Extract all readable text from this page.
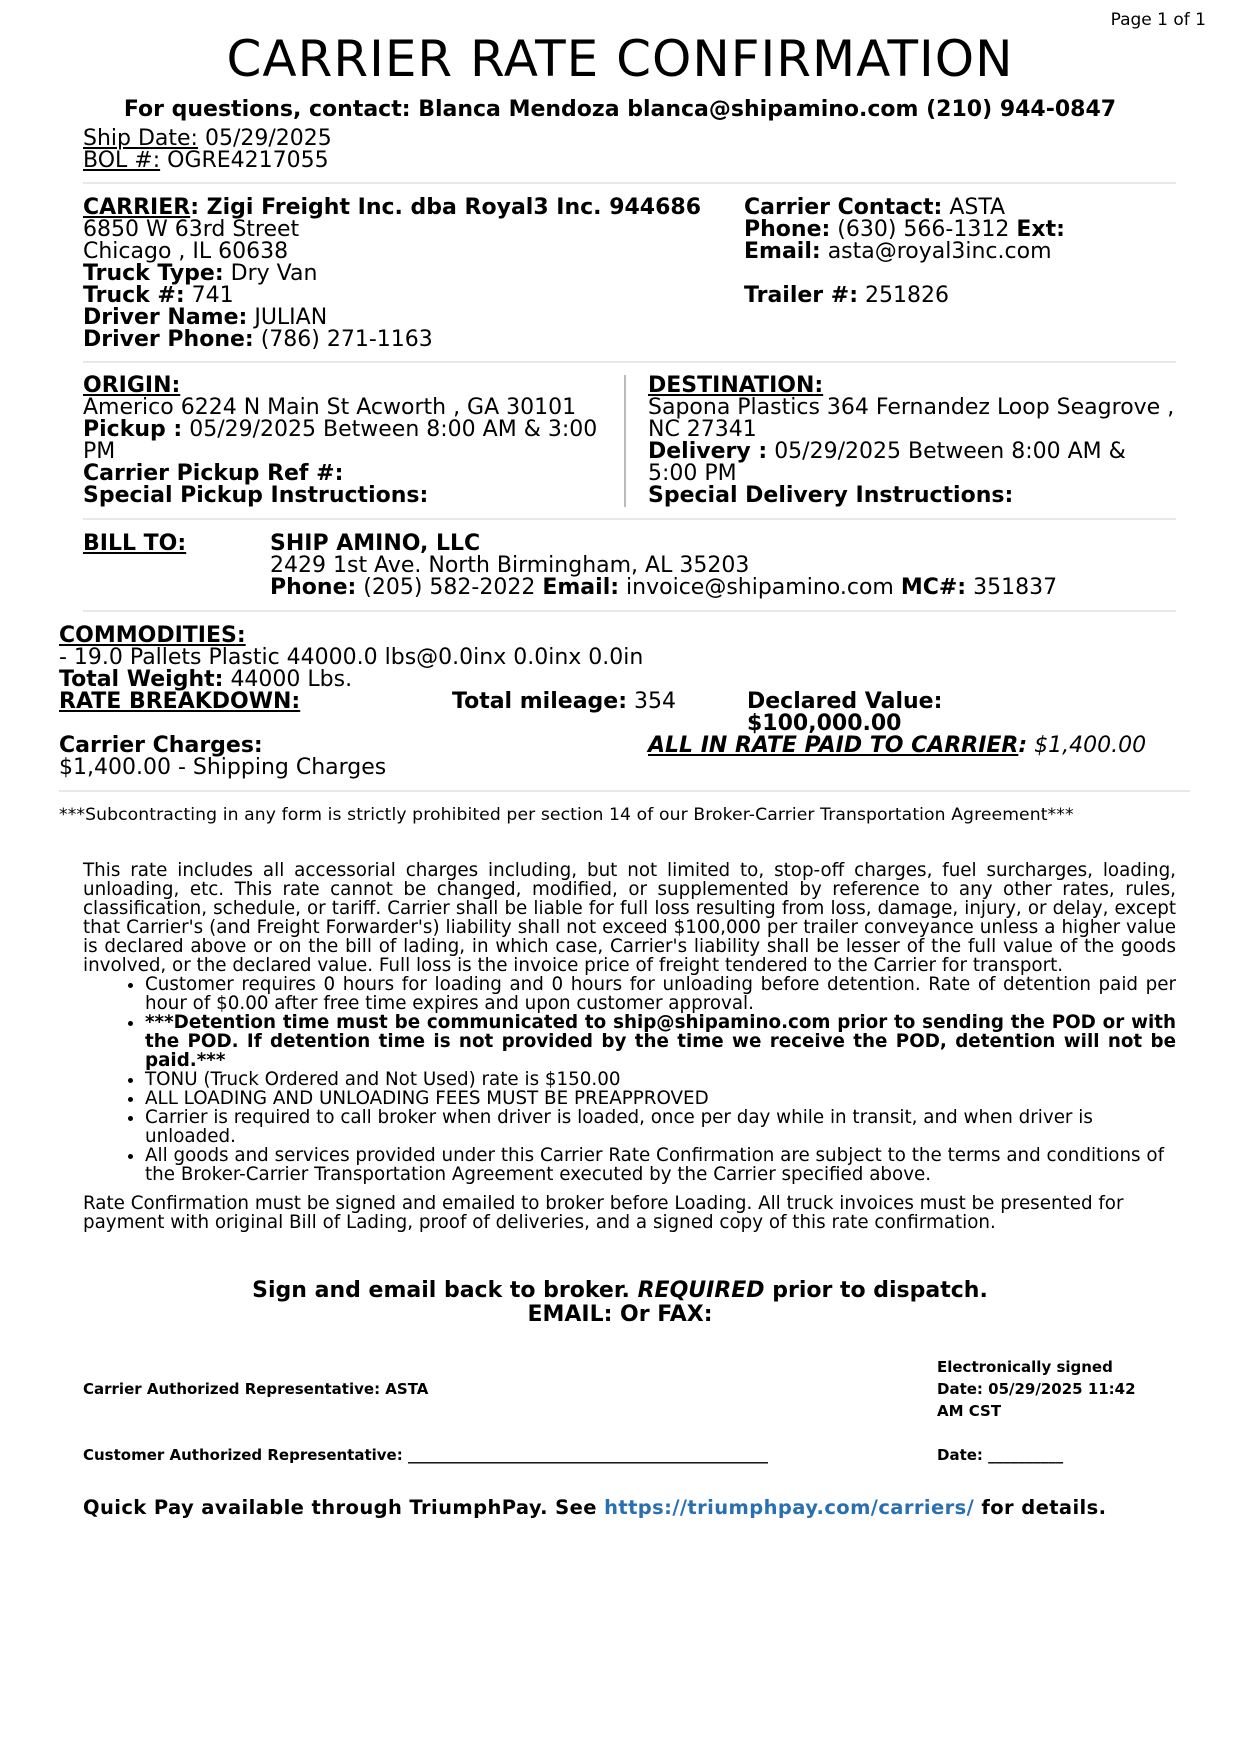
Page 1 of 1
CARRIER RATE CONFIRMATION
For questions, contact: Blanca Mendoza blanca@shipamino.com (210) 944-0847
Ship Date: 05/29/2025
BOL #: OGRE4217055
CARRIER: Zigi Freight Inc. dba Royal3 Inc. 944686
6850 W 63rd Street
Chicago , IL 60638
Truck Type: Dry Van
Truck #: 741
Driver Name: JULIAN
Driver Phone: (786) 271-1163
Carrier Contact: ASTA
Phone: (630) 566-1312 Ext:
Email: asta@royal3inc.com
Trailer #: 251826
ORIGIN:
Americo 6224 N Main St Acworth , GA 30101
Pickup : 05/29/2025 Between 8:00 AM & 3:00
PM
Carrier Pickup Ref #:
Special Pickup Instructions:
DESTINATION:
Sapona Plastics 364 Fernandez Loop Seagrove ,
NC 27341
Delivery : 05/29/2025 Between 8:00 AM &
5:00 PM
Special Delivery Instructions:
BILL TO:	SHIP AMINO, LLC
2429 1st Ave. North Birmingham, AL 35203
Phone: (205) 582-2022 Email: invoice@shipamino.com MC#: 351837
COMMODITIES:
- 19.0 Pallets Plastic 44000.0 lbs@0.0inx 0.0inx 0.0in
Total Weight: 44000 Lbs.
RATE BREAKDOWN:	Total mileage: 354	Declared Value:
$100,000.00
Carrier Charges:	ALL IN RATE PAID TO CARRIER: $1,400.00
$1,400.00 - Shipping Charges
***Subcontracting in any form is strictly prohibited per section 14 of our Broker-Carrier Transportation Agreement***

This rate includes all accessorial charges including, but not limited to, stop-off charges, fuel surcharges, loading, unloading, etc. This rate cannot be changed, modified, or supplemented by reference to any other rates, rules, classification, schedule, or tariff. Carrier shall be liable for full loss resulting from loss, damage, injury, or delay, except that Carrier's (and Freight Forwarder's) liability shall not exceed $100,000 per trailer conveyance unless a higher value is declared above or on the bill of lading, in which case, Carrier's liability shall be lesser of the full value of the goods involved, or the declared value. Full loss is the invoice price of freight tendered to the Carrier for transport.

• Customer requires 0 hours for loading and 0 hours for unloading before detention. Rate of detention paid per hour of $0.00 after free time expires and upon customer approval.
• ***Detention time must be communicated to ship@shipamino.com prior to sending the POD or with the POD. If detention time is not provided by the time we receive the POD, detention will not be paid.***
• TONU (Truck Ordered and Not Used) rate is $150.00
• ALL LOADING AND UNLOADING FEES MUST BE PREAPPROVED
• Carrier is required to call broker when driver is loaded, once per day while in transit, and when driver is unloaded.
• All goods and services provided under this Carrier Rate Confirmation are subject to the terms and conditions of the Broker-Carrier Transportation Agreement executed by the Carrier specified above.

Rate Confirmation must be signed and emailed to broker before Loading. All truck invoices must be presented for payment with original Bill of Lading, proof of deliveries, and a signed copy of this rate confirmation.

Sign and email back to broker. REQUIRED prior to dispatch.
EMAIL: Or FAX:
Carrier Authorized Representative: ASTA
Electronically signed
Date: 05/29/2025 11:42
AM CST
Customer Authorized Representative: ________________________________________________	Date: __________
Quick Pay available through TriumphPay. See https://triumphpay.com/carriers/ for details.
